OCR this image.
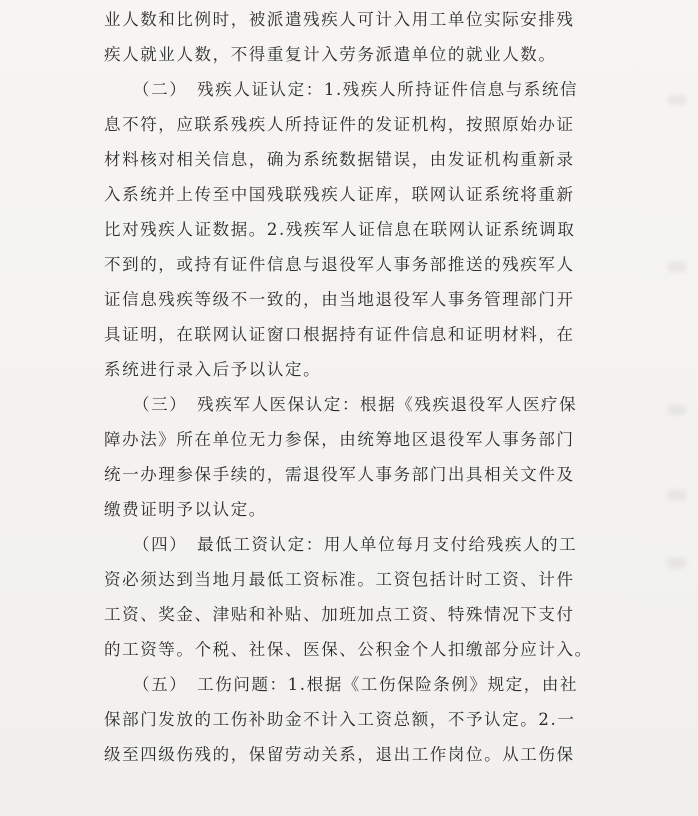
业人数和比例时，被派遣残疾人可计入用工单位实际安排残
疾人就业人数，不得重复计入劳务派遣单位的就业人数。
（二）　残疾人证认定：1.残疾人所持证件信息与系统信
息不符，应联系残疾人所持证件的发证机构，按照原始办证
材料核对相关信息，确为系统数据错误，由发证机构重新录
入系统并上传至中国残联残疾人证库，联网认证系统将重新
比对残疾人证数据。2.残疾军人证信息在联网认证系统调取
不到的，或持有证件信息与退役军人事务部推送的残疾军人
证信息残疾等级不一致的，由当地退役军人事务管理部门开
具证明，在联网认证窗口根据持有证件信息和证明材料，在
系统进行录入后予以认定。
（三）　残疾军人医保认定：根据《残疾退役军人医疗保
障办法》所在单位无力参保，由统筹地区退役军人事务部门
统一办理参保手续的，需退役军人事务部门出具相关文件及
缴费证明予以认定。
（四）　最低工资认定：用人单位每月支付给残疾人的工
资必须达到当地月最低工资标准。工资包括计时工资、计件
工资、奖金、津贴和补贴、加班加点工资、特殊情况下支付
的工资等。个税、社保、医保、公积金个人扣缴部分应计入。
（五）　工伤问题：1.根据《工伤保险条例》规定，由社
保部门发放的工伤补助金不计入工资总额，不予认定。2.一
级至四级伤残的，保留劳动关系，退出工作岗位。从工伤保
